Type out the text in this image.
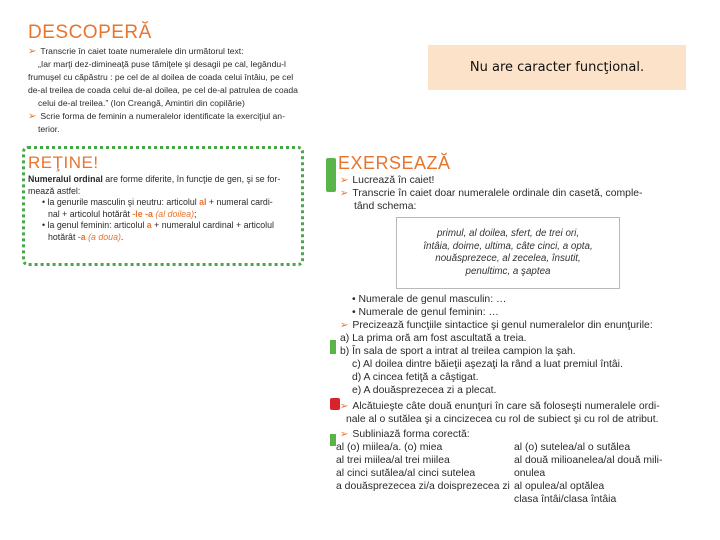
DESCOPERĂ
➢ Transcrie în caiet toate numeralele din următorul text:
„Iar marţi dez-dimineaţă puse tămiţele şi desagii pe cal, legându-l
frumuşel cu căpăstru : pe cel de al doilea de coada celui întâiu, pe cel
de-al treilea de coada celui de-al doilea, pe cel de-al patrulea de coada
celui de-al treilea.” (Ion Creangă, Amintiri din copilărie)
➢ Scrie forma de feminin a numeralelor identificate la exerciţiul an-
terior.
Nu are caracter funcţional.
REŢINE!
Numeralul ordinal are forme diferite, în funcţie de gen, şi se for-
mează astfel:
• la genurile masculin şi neutru: articolul al + numeral cardi-
nal + articolul hotărât -le -a (al doilea);
• la genul feminin: articolul a + numeralul cardinal + articolul
hotărât -a (a doua).
EXERSEAZĂ
➢ Lucrează în caiet!
➢ Transcrie în caiet doar numeralele ordinale din casetă, comple-
tând schema:
primul, al doilea, sfert, de trei ori,
întâia, doime, ultima, câte cinci, a opta,
nouăsprezece, al zecelea, însutit,
penultimc, a şaptea
• Numerale de genul masculin: …
• Numerale de genul feminin: …
➢ Precizează funcţiile sintactice şi genul numeralelor din enunţurile:
a) La prima oră am fost ascultată a treia.
b) În sala de sport a intrat al treilea campion la şah.
c) Al doilea dintre băieţii aşezaţi la rând a luat premiul întâi.
d) A cincea fetiţă a câştigat.
e) A douăsprezecea zi a plecat.
➢ Alcătuieşte câte două enunţuri în care să foloseşti numeralele ordi-
nale al o sutălea şi a cincizecea cu rol de subiect şi cu rol de atribut.
➢ Subliniază forma corectă:
al (o) miilea/a. (o) miea
al trei miilea/al trei miilea
al cinci sutălea/al cinci sutelea
a douăsprezecea zi/a doisprezecea zi
al (o) sutelea/al o sutălea
al două milioanelea/al două mili-
onulea
al opulea/al optălea
clasa întâi/clasa întâia
